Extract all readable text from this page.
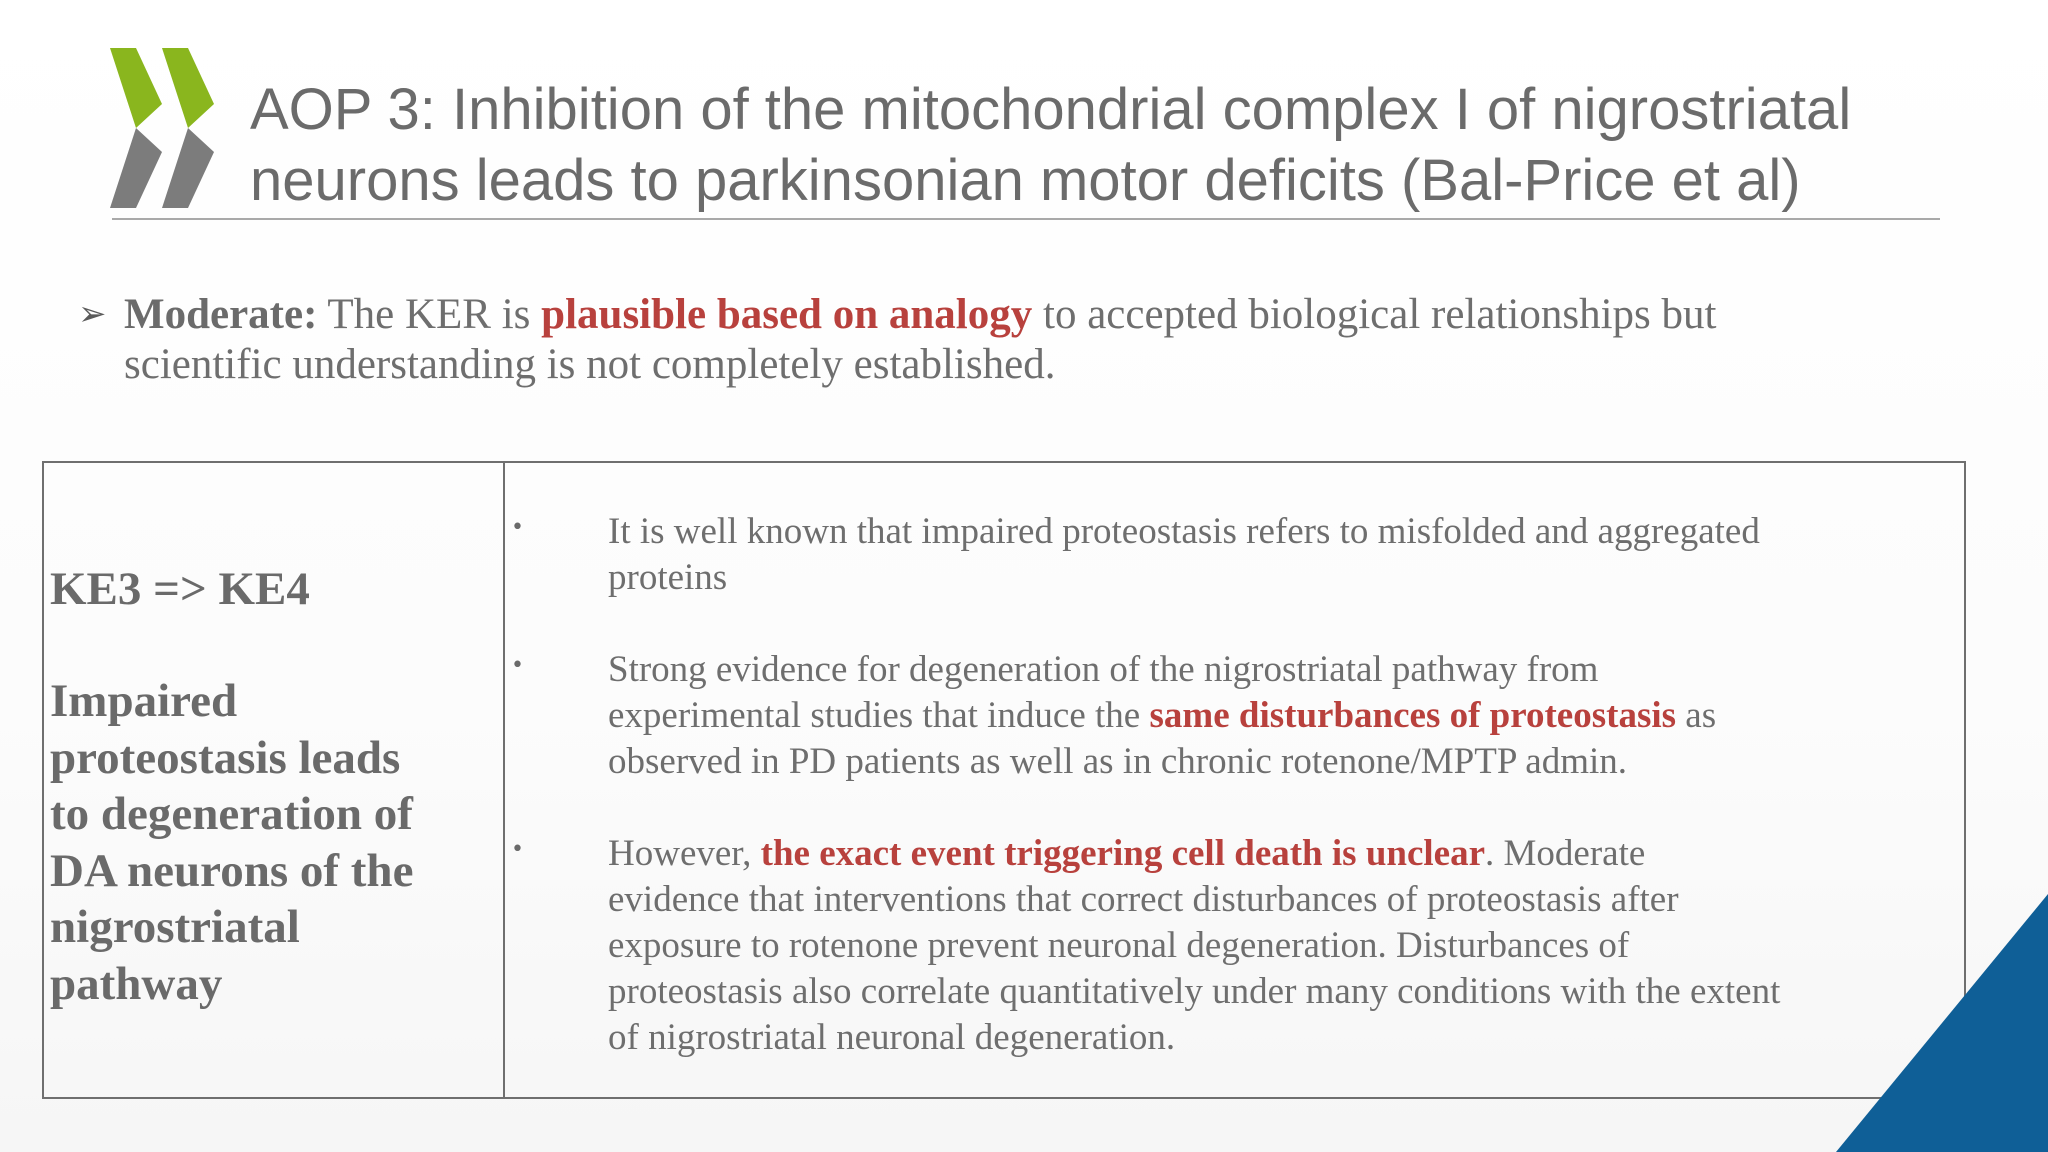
AOP 3: Inhibition of the mitochondrial complex I of nigrostriatal
neurons leads to parkinsonian motor deficits (Bal-Price et al)
➢ Moderate: The KER is plausible based on analogy to accepted biological relationships but
scientific understanding is not completely established.
KE3 => KE4
Impaired
proteostasis leads
to degeneration of
DA neurons of the
nigrostriatal
pathway
• It is well known that impaired proteostasis refers to misfolded and aggregated
proteins
• Strong evidence for degeneration of the nigrostriatal pathway from
experimental studies that induce the same disturbances of proteostasis as
observed in PD patients as well as in chronic rotenone/MPTP admin.
• However, the exact event triggering cell death is unclear. Moderate
evidence that interventions that correct disturbances of proteostasis after
exposure to rotenone prevent neuronal degeneration. Disturbances of
proteostasis also correlate quantitatively under many conditions with the extent
of nigrostriatal neuronal degeneration.
